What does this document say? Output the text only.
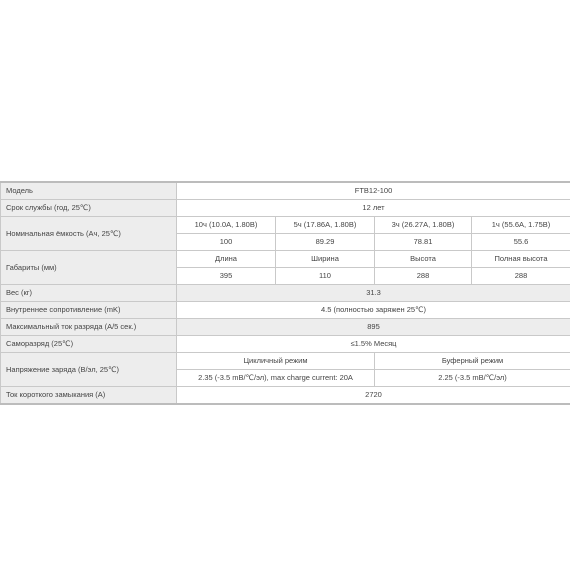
Модель	FTB12-100			
Срок службы (год, 25℃)	12 лет			
Номинальная ёмкость (Ач, 25℃)	10ч (10.0A, 1.80В)	5ч (17.86A, 1.80В)	3ч (26.27A, 1.80В)	1ч (55.6A, 1.75В)
	100	89.29	78.81	55.6
Габариты (мм)	Длина	Ширина	Высота	Полная высота
	395	110	288	288
Вес (кг)	31.3			
Внутреннее сопротивление (mK)	4.5 (полностью заряжен 25℃)			
Максимальный ток разряда (A/5 сек.)	895			
Саморазряд (25℃)	≤1.5% Месяц			
Напряжение заряда (В/эл, 25℃)	Цикличный режим		Буферный режим	
	2.35 (-3.5 mB/℃/эл), max charge current: 20A		2.25 (-3.5 mB/℃/эл)	
Ток короткого замыкания (A)	2720			
